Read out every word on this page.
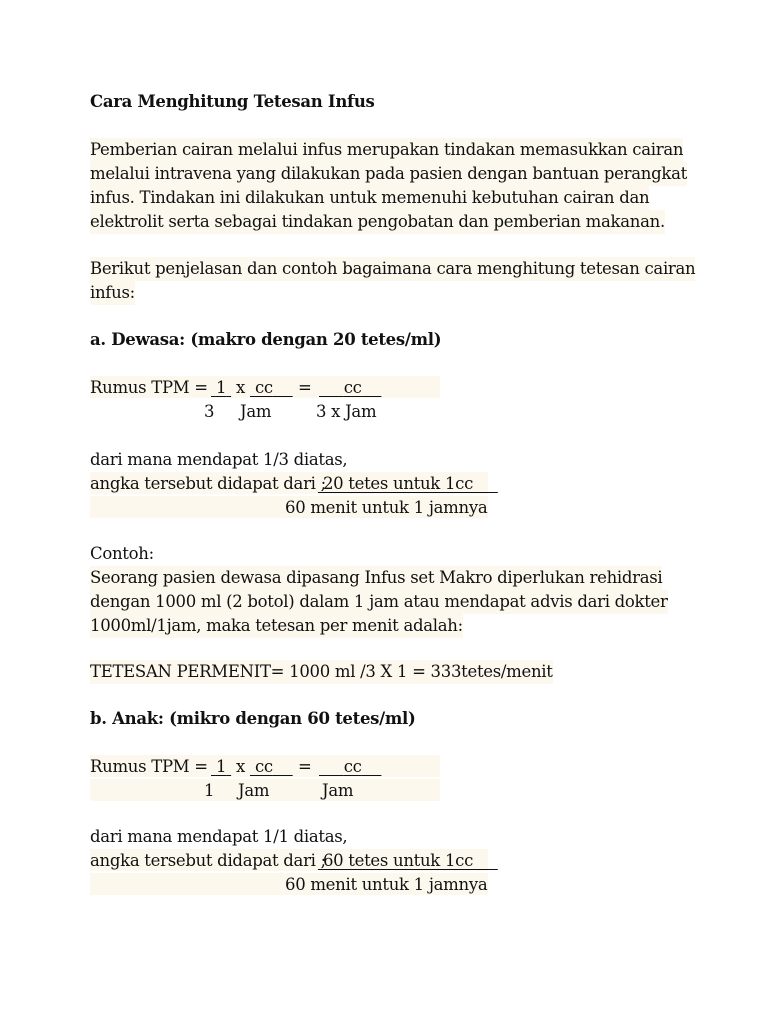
Cara Menghitung Tetesan Infus
Pemberian cairan melalui infus merupakan tindakan memasukkan cairan
melalui intravena yang dilakukan pada pasien dengan bantuan perangkat
infus. Tindakan ini dilakukan untuk memenuhi kebutuhan cairan dan
elektrolit serta sebagai tindakan pengobatan dan pemberian makanan.
Berikut penjelasan dan contoh bagaimana cara menghitung tetesan cairan
infus:
a. Dewasa: (makro dengan 20 tetes/ml)
Rumus TPM = 1 x cc	=	cc
3 Jam	3 x Jam
dari mana mendapat 1/3 diatas,
angka tersebut didapat dari ;
20 tetes untuk 1cc
60 menit untuk 1 jamnya
Contoh:
Seorang pasien dewasa dipasang Infus set Makro diperlukan rehidrasi
dengan 1000 ml (2 botol) dalam 1 jam atau mendapat advis dari dokter
1000ml/1jam, maka tetesan per menit adalah:
TETESAN PERMENIT= 1000 ml /3 X 1 = 333tetes/menit
b. Anak: (mikro dengan 60 tetes/ml)
Rumus TPM = 1 x cc	=	cc
1 Jam	Jam
dari mana mendapat 1/1 diatas,
angka tersebut didapat dari ;
60 tetes untuk 1cc
60 menit untuk 1 jamnya
